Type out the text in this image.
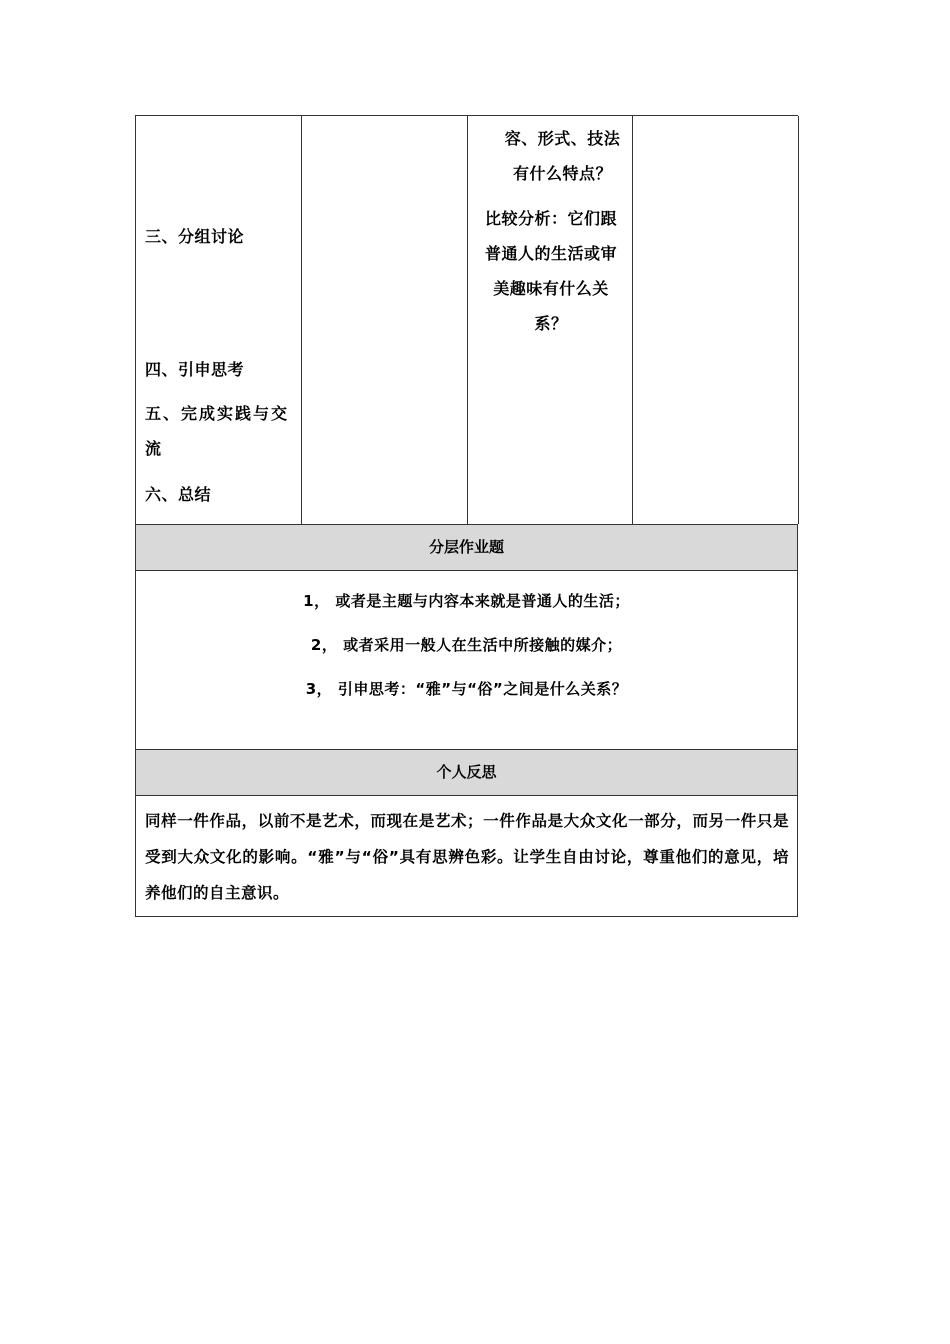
三、分组讨论
四、引申思考
五、完成实践与交流
六、总结
容、形式、技法
有什么特点？
比较分析：它们跟
普通人的生活或审
美趣味有什么关
系？
分层作业题
1， 或者是主题与内容本来就是普通人的生活；
2， 或者采用一般人在生活中所接触的媒介；
3， 引申思考：“雅”与“俗”之间是什么关系？
个人反思
同样一件作品，以前不是艺术，而现在是艺术；一件作品是大众文化一部分，而另一件只是受到大众文化的影响。“雅”与“俗”具有思辨色彩。让学生自由讨论，尊重他们的意见，培养他们的自主意识。
